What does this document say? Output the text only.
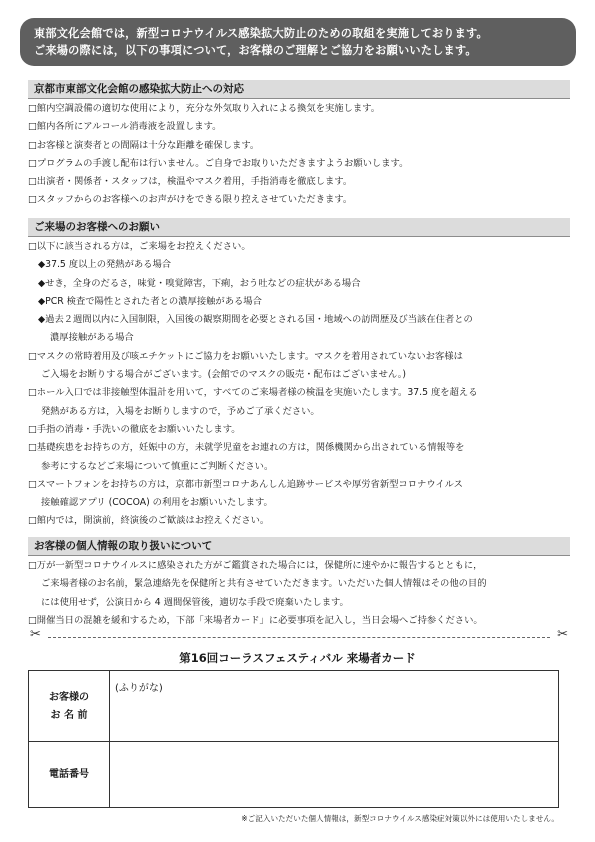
東部文化会館では，新型コロナウイルス感染拡大防止のための取組を実施しております。
ご来場の際には，以下の事項について，お客様のご理解とご協力をお願いいたします。
京都市東部文化会館の感染拡大防止への対応
□館内空調設備の適切な使用により，充分な外気取り入れによる換気を実施します。
□館内各所にアルコール消毒液を設置します。
□お客様と演奏者との間隔は十分な距離を確保します。
□プログラムの手渡し配布は行いません。ご自身でお取りいただきますようお願いします。
□出演者・関係者・スタッフは，検温やマスク着用，手指消毒を徹底します。
□スタッフからのお客様へのお声がけをできる限り控えさせていただきます。
ご来場のお客様へのお願い
□以下に該当される方は，ご来場をお控えください。
◆37.5 度以上の発熱がある場合
◆せき，全身のだるさ，味覚・嗅覚障害，下痢，おう吐などの症状がある場合
◆PCR 検査で陽性とされた者との濃厚接触がある場合
◆過去２週間以内に入国制限，入国後の観察期間を必要とされる国・地域への訪問歴及び当該在住者との
濃厚接触がある場合
□マスクの常時着用及び咳エチケットにご協力をお願いいたします。マスクを着用されていないお客様は
ご入場をお断りする場合がございます。(会館でのマスクの販売・配布はございません。)
□ホール入口では非接触型体温計を用いて，すべてのご来場者様の検温を実施いたします。37.5 度を超える
発熱がある方は，入場をお断りしますので，予めご了承ください。
□手指の消毒・手洗いの徹底をお願いいたします。
□基礎疾患をお持ちの方，妊娠中の方，未就学児童をお連れの方は，関係機関から出されている情報等を
参考にするなどご来場について慎重にご判断ください。
□スマートフォンをお持ちの方は，京都市新型コロナあんしん追跡サービスや厚労省新型コロナウイルス
接触確認アプリ (COCOA) の利用をお願いいたします。
□館内では，開演前，終演後のご歓談はお控えください。
お客様の個人情報の取り扱いについて
□万が一新型コロナウイルスに感染された方がご鑑賞された場合には，保健所に速やかに報告するとともに，
ご来場者様のお名前，緊急連絡先を保健所と共有させていただきます。いただいた個人情報はその他の目的
には使用せず，公演日から 4 週間保管後，適切な手段で廃棄いたします。
□開催当日の混雑を緩和するため，下部「来場者カード」に必要事項を記入し，当日会場へご持参ください。
✂	✂
第16回コーラスフェスティバル 来場者カード
お客様の
お 名 前
(ふりがな)
電話番号
※ご記入いただいた個人情報は，新型コロナウイルス感染症対策以外には使用いたしません。
